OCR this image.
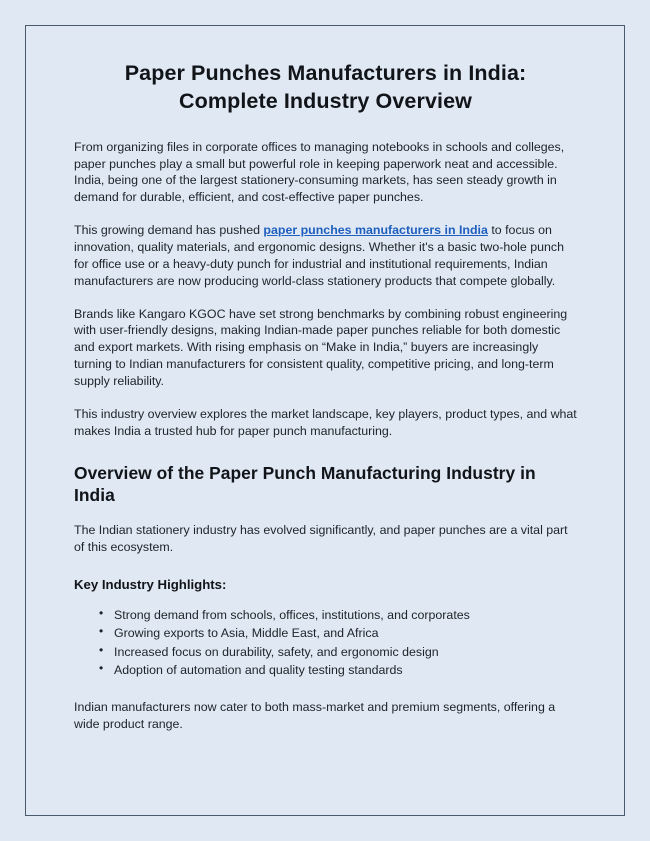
Paper Punches Manufacturers in India:
Complete Industry Overview

From organizing files in corporate offices to managing notebooks in schools and colleges, paper punches play a small but powerful role in keeping paperwork neat and accessible. India, being one of the largest stationery-consuming markets, has seen steady growth in demand for durable, efficient, and cost-effective paper punches.

This growing demand has pushed paper punches manufacturers in India to focus on innovation, quality materials, and ergonomic designs. Whether it's a basic two-hole punch for office use or a heavy-duty punch for industrial and institutional requirements, Indian manufacturers are now producing world-class stationery products that compete globally.

Brands like Kangaro KGOC have set strong benchmarks by combining robust engineering with user-friendly designs, making Indian-made paper punches reliable for both domestic and export markets. With rising emphasis on “Make in India,” buyers are increasingly turning to Indian manufacturers for consistent quality, competitive pricing, and long-term supply reliability.

This industry overview explores the market landscape, key players, product types, and what makes India a trusted hub for paper punch manufacturing.

Overview of the Paper Punch Manufacturing Industry in India

The Indian stationery industry has evolved significantly, and paper punches are a vital part of this ecosystem.

Key Industry Highlights:
• Strong demand from schools, offices, institutions, and corporates
• Growing exports to Asia, Middle East, and Africa
• Increased focus on durability, safety, and ergonomic design
• Adoption of automation and quality testing standards

Indian manufacturers now cater to both mass-market and premium segments, offering a wide product range.
